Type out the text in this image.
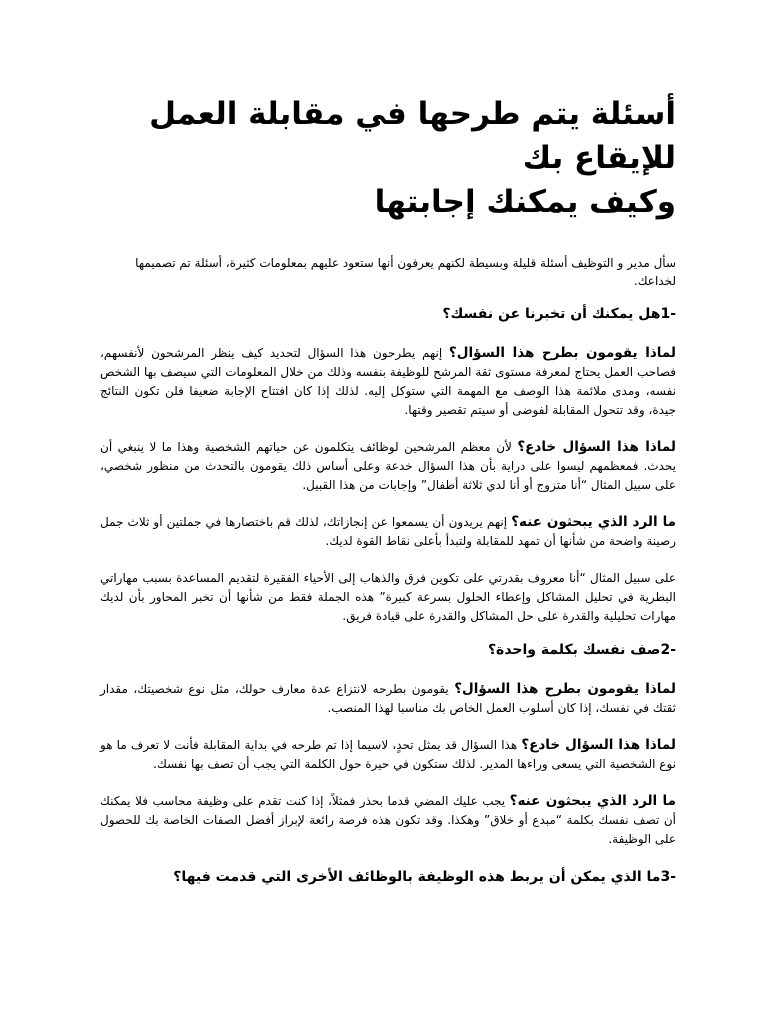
أسئلة يتم طرحها في مقابلة العمل للإيقاع بك
وكيف يمكنك إجابتها

سأل مدير و التوظيف أسئلة قليلة وبسيطة لكنهم يعرفون أنها ستعود عليهم بمعلومات كثيرة، أسئلة تم تصميمها لخداعك.

-1هل يمكنك أن تخبرنا عن نفسك؟

لماذا يقومون بطرح هذا السؤال؟ إنهم يطرحون هذا السؤال لتحديد كيف ينظر المرشحون لأنفسهم، فصاحب العمل يحتاج لمعرفة مستوى ثقة المرشح للوظيفة بنفسه وذلك من خلال المعلومات التي سيصف بها الشخص نفسه، ومدى ملائمة هذا الوصف مع المهمة التي ستوكل إليه. لذلك إذا كان افتتاح الإجابة ضعيفا فلن تكون النتائج جيدة، وقد تتحول المقابلة لفوضى أو سيتم تقصير وقتها.

لماذا هذا السؤال خادع؟ لأن معظم المرشحين لوظائف يتكلمون عن حياتهم الشخصية وهذا ما لا ينبغي أن يحدث. فمعظمهم ليسوا على دراية بأن هذا السؤال خدعة وعلى أساس ذلك يقومون بالتحدث من منظور شخصي، على سبيل المثال “أنا متزوج أو أنا لدي ثلاثة أطفال” وإجابات من هذا القبيل.

ما الرد الذي يبحثون عنه؟ إنهم يريدون أن يسمعوا عن إنجازاتك، لذلك قم باختصارها في جملتين أو ثلاث جمل رصينة واضحة من شأنها أن تمهد للمقابلة ولتبدأ بأعلى نقاط القوة لديك.

على سبيل المثال “أنا معروف بقدرتي على تكوين فرق والذهاب إلى الأحياء الفقيرة لتقديم المساعدة بسبب مهاراتي البطرية في تحليل المشاكل وإعطاء الحلول بسرعة كبيرة” هذه الجملة فقط من شأنها أن تخبر المحاور بأن لديك مهارات تحليلية والقدرة على حل المشاكل والقدرة على قيادة فريق.

-2صف نفسك بكلمة واحدة؟

لماذا يقومون بطرح هذا السؤال؟ يقومون بطرحه لانتزاع عدة معارف حولك، مثل نوع شخصيتك، مقدار ثقتك في نفسك، إذا كان أسلوب العمل الخاص بك مناسبا لهذا المنصب.

لماذا هذا السؤال خادع؟ هذا السؤال قد يمثل تحدٍ، لاسيما إذا تم طرحه في بداية المقابلة فأنت لا تعرف ما هو نوع الشخصية التي يسعى وراءها المدير. لذلك ستكون في حيرة حول الكلمة التي يجب أن تصف بها نفسك.

ما الرد الذي يبحثون عنه؟ يجب عليك المضي قدما بحذر فمثلاً، إذا كنت تقدم على وظيفة محاسب فلا يمكنك أن تصف نفسك بكلمة “مبدع أو خلاق” وهكذا. وقد تكون هذه فرصة رائعة لإبراز أفضل الصفات الخاصة بك للحصول على الوظيفة.

-3ما الذي يمكن أن يربط هذه الوظيفة بالوظائف الأخرى التي قدمت فيها؟
